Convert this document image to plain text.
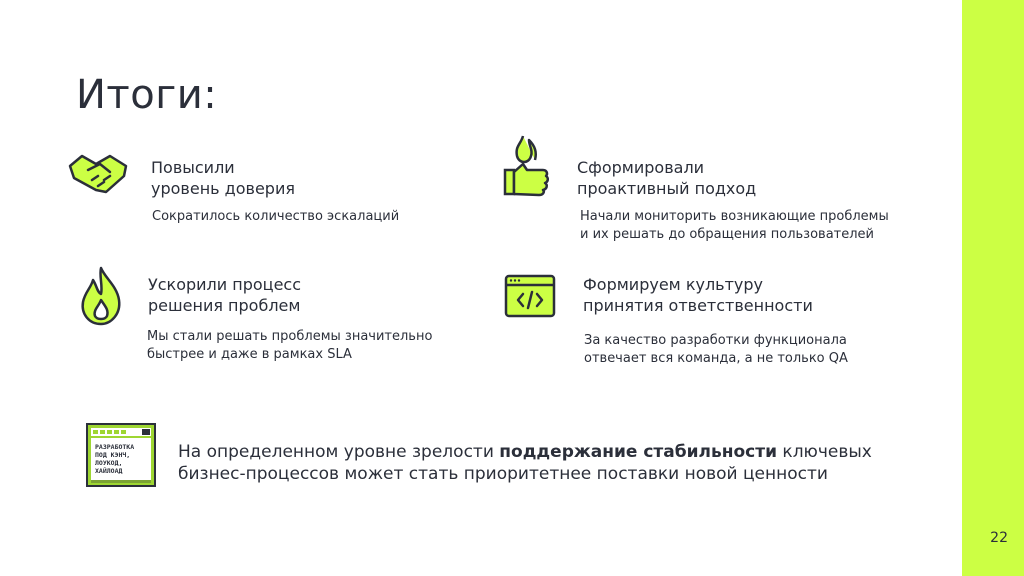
22
Итоги:
Повысили
уровень доверия
Сократилось количество эскалаций
Сформировали
проактивный подход
Начали мониторить возникающие проблемы
и их решать до обращения пользователей
Ускорили процесс
решения проблем
Мы стали решать проблемы значительно
быстрее и даже в рамках SLA
Формируем культуру
принятия ответственности
За качество разработки функционала
отвечает вся команда, а не только QA
РАЗРАБОТКА
ПОД КЭНЧ,
ЛОУКОД,
ХАЙЛОАД
На определенном уровне зрелости поддержание стабильности ключевых бизнес-процессов может стать приоритетнее поставки новой ценности
